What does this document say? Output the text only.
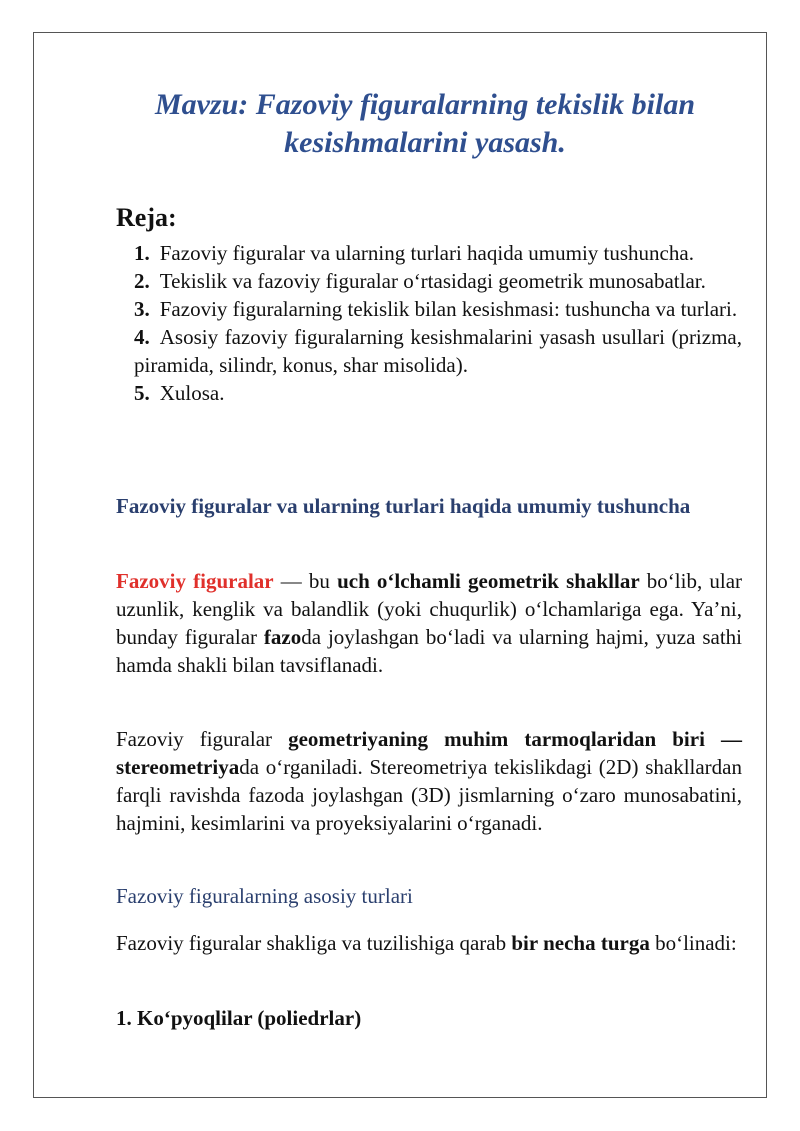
Mavzu: Fazoviy figuralarning tekislik bilan
kesishmalarini yasash.
Reja:
1. Fazoviy figuralar va ularning turlari haqida umumiy tushuncha.
2. Tekislik va fazoviy figuralar o‘rtasidagi geometrik munosabatlar.
3. Fazoviy figuralarning tekislik bilan kesishmasi: tushuncha va turlari.
4. Asosiy fazoviy figuralarning kesishmalarini yasash usullari (prizma, piramida, silindr, konus, shar misolida).
5. Xulosa.
Fazoviy figuralar va ularning turlari haqida umumiy tushuncha
Fazoviy figuralar — bu uch o‘lchamli geometrik shakllar bo‘lib, ular uzunlik, kenglik va balandlik (yoki chuqurlik) o‘lchamlariga ega. Ya’ni, bunday figuralar fazoda joylashgan bo‘ladi va ularning hajmi, yuza sathi hamda shakli bilan tavsiflanadi.
Fazoviy figuralar geometriyaning muhim tarmoqlaridan biri — stereometriyada o‘rganiladi. Stereometriya tekislikdagi (2D) shakllardan farqli ravishda fazoda joylashgan (3D) jismlarning o‘zaro munosabatini, hajmini, kesimlarini va proyeksiyalarini o‘rganadi.
Fazoviy figuralarning asosiy turlari
Fazoviy figuralar shakliga va tuzilishiga qarab bir necha turga bo‘linadi:
1. Ko‘pyoqlilar (poliedrlar)
